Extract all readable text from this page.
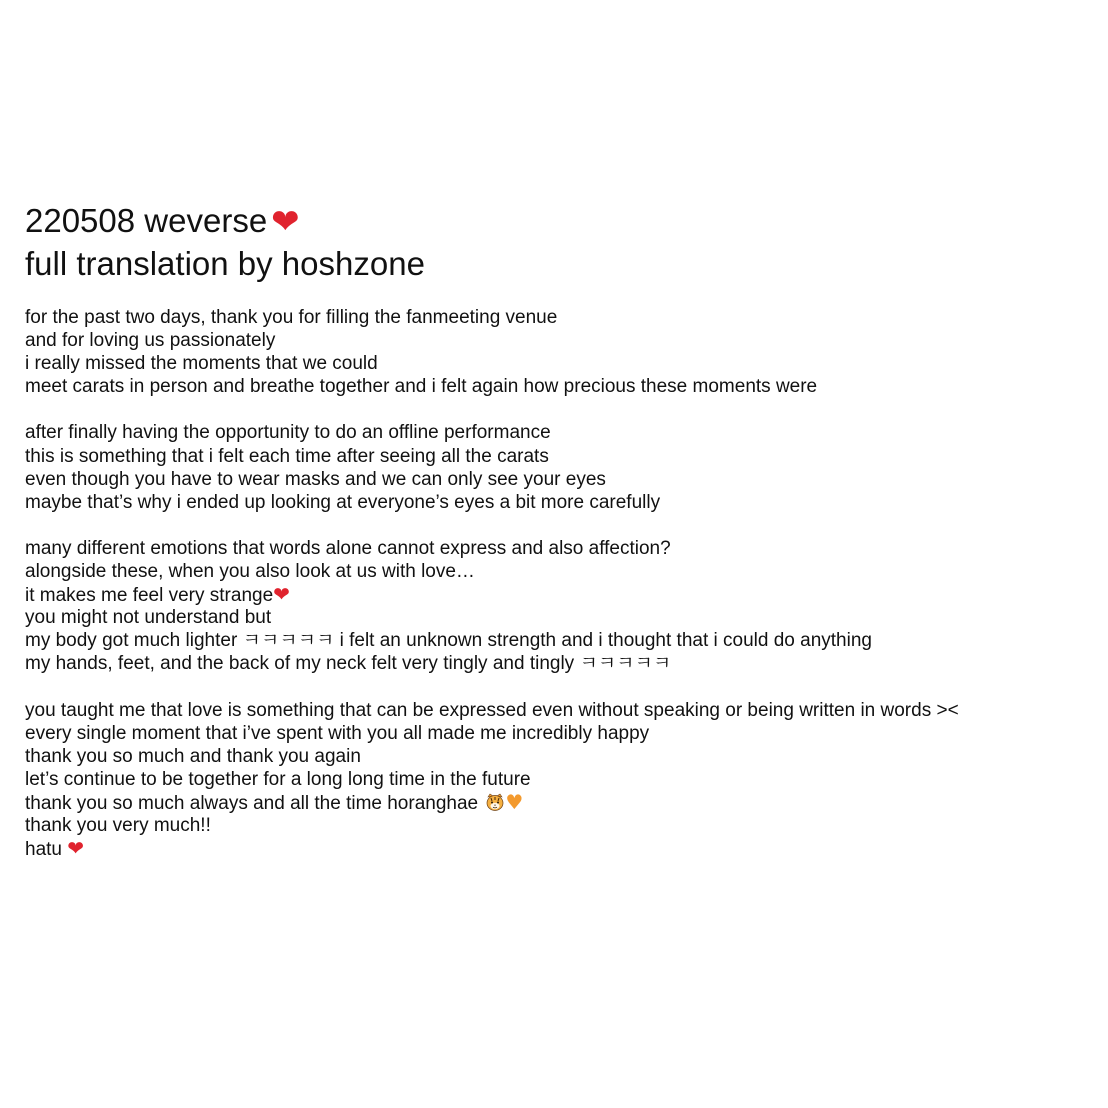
220508 weverse ❤
full translation by hoshzone
for the past two days, thank you for filling the fanmeeting venue
and for loving us passionately
i really missed the moments that we could
meet carats in person and breathe together and i felt again how precious these moments were
after finally having the opportunity to do an offline performance
this is something that i felt each time after seeing all the carats
even though you have to wear masks and we can only see your eyes
maybe that’s why i ended up looking at everyone’s eyes a bit more carefully
many different emotions that words alone cannot express and also affection?
alongside these, when you also look at us with love…
it makes me feel very strange❤
you might not understand but
my body got much lighter ㅋㅋㅋㅋㅋ i felt an unknown strength and i thought that i could do anything
my hands, feet, and the back of my neck felt very tingly and tingly ㅋㅋㅋㅋㅋ
you taught me that love is something that can be expressed even without speaking or being written in words ><
every single moment that i’ve spent with you all made me incredibly happy
thank you so much and thank you again
let’s continue to be together for a long long time in the future
thank you so much always and all the time horanghae ♥
thank you very much!!
hatu ❤
